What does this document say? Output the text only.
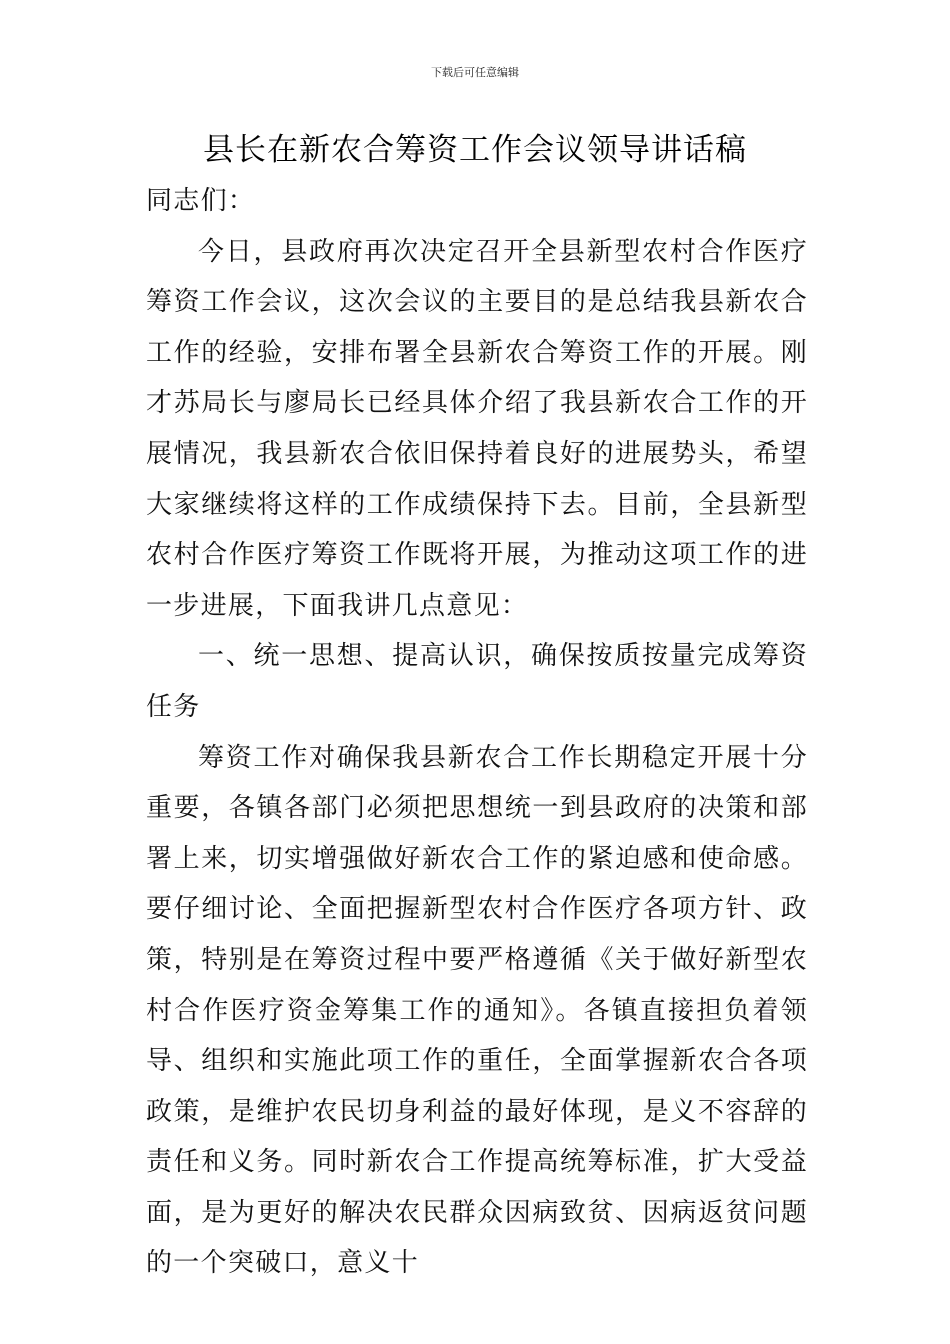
下载后可任意编辑
县长在新农合筹资工作会议领导讲话稿

同志们：

今日，县政府再次决定召开全县新型农村合作医疗筹资工作会议，这次会议的主要目的是总结我县新农合工作的经验，安排布署全县新农合筹资工作的开展。刚才苏局长与廖局长已经具体介绍了我县新农合工作的开展情况，我县新农合依旧保持着良好的进展势头，希望大家继续将这样的工作成绩保持下去。目前，全县新型农村合作医疗筹资工作既将开展，为推动这项工作的进一步进展，下面我讲几点意见：

一、统一思想、提高认识，确保按质按量完成筹资任务

筹资工作对确保我县新农合工作长期稳定开展十分重要，各镇各部门必须把思想统一到县政府的决策和部署上来，切实增强做好新农合工作的紧迫感和使命感。要仔细讨论、全面把握新型农村合作医疗各项方针、政策，特别是在筹资过程中要严格遵循《关于做好新型农村合作医疗资金筹集工作的通知》。各镇直接担负着领导、组织和实施此项工作的重任，全面掌握新农合各项政策，是维护农民切身利益的最好体现，是义不容辞的责任和义务。同时新农合工作提高统筹标准，扩大受益面，是为更好的解决农民群众因病致贫、因病返贫问题的一个突破口，意义十
